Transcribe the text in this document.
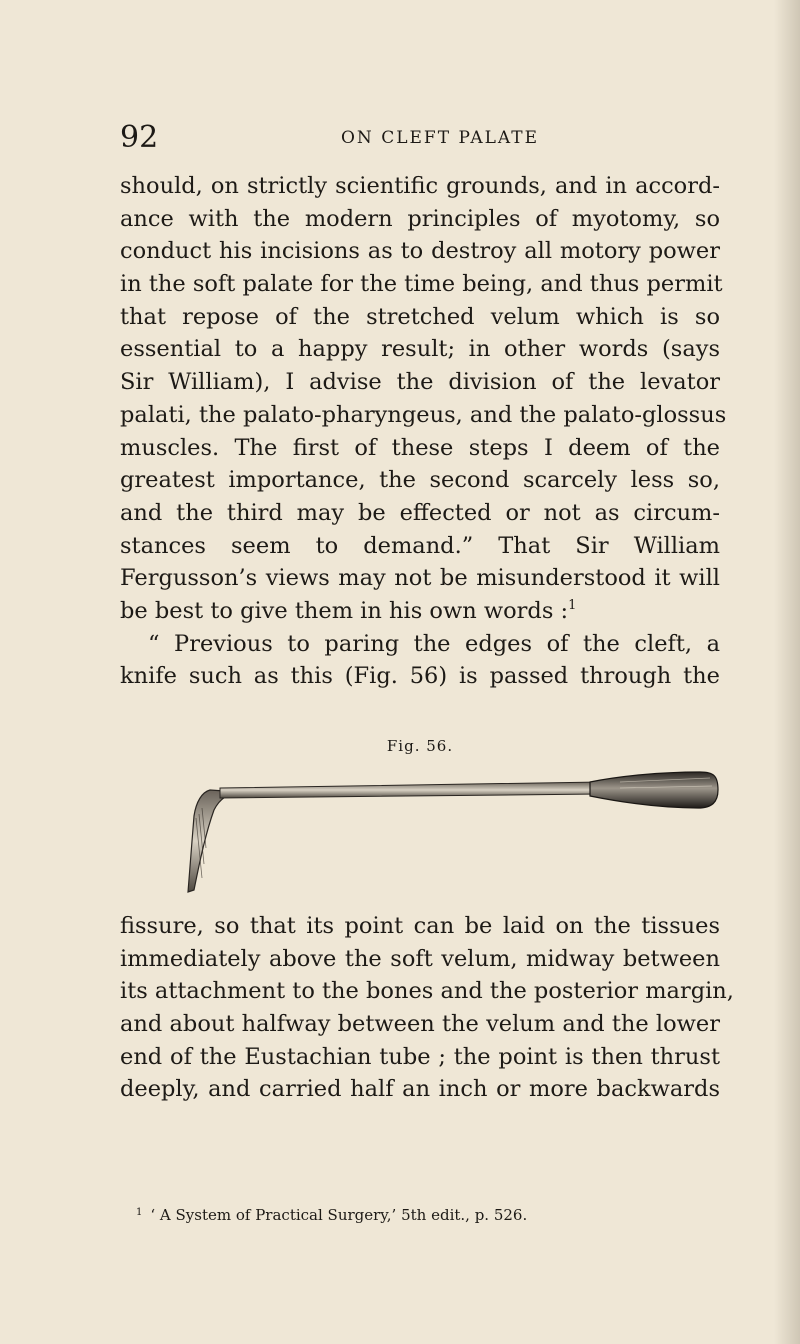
92	ON CLEFT PALATE
should, on strictly scientific grounds, and in accord-
ance with the modern principles of myotomy, so
conduct his incisions as to destroy all motory power
in the soft palate for the time being, and thus permit
that repose of the stretched velum which is so
essential to a happy result; in other words (says
Sir William), I advise the division of the levator
palati, the palato-pharyngeus, and the palato-glossus
muscles. The first of these steps I deem of the
greatest importance, the second scarcely less so,
and the third may be effected or not as circum-
stances seem to demand.” That Sir William
Fergusson’s views may not be misunderstood it will
be best to give them in his own words :$^1$
“ Previous to paring the edges of the cleft, a
knife such as this (Fig. 56) is passed through the
Fig. 56.
fissure, so that its point can be laid on the tissues
immediately above the soft velum, midway between
its attachment to the bones and the posterior margin,
and about halfway between the velum and the lower
end of the Eustachian tube ; the point is then thrust
deeply, and carried half an inch or more backwards
$^1$ ‘ A System of Practical Surgery,’ 5th edit., p. 526.
